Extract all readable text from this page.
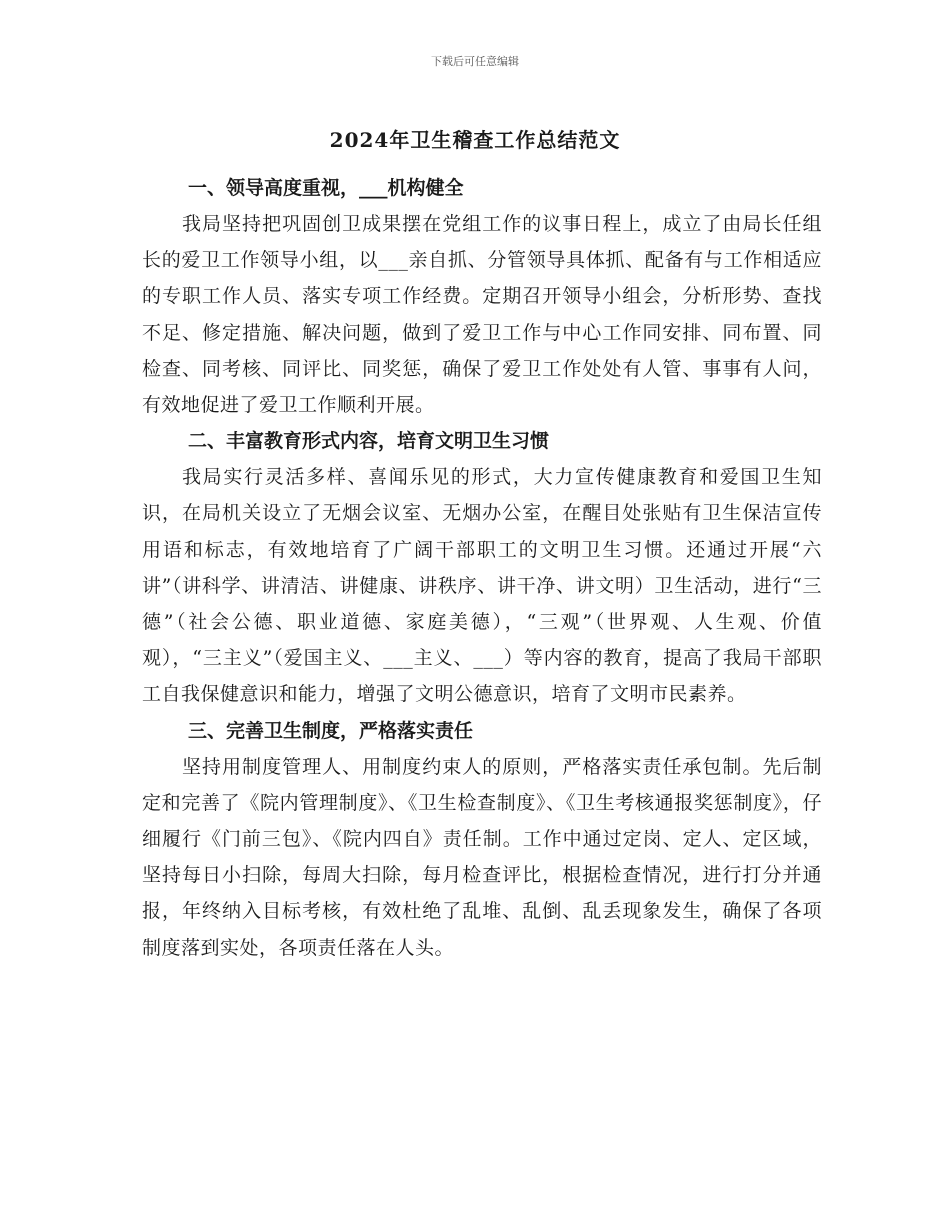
下载后可任意编辑
2024年卫生稽查工作总结范文
一、领导高度重视，___机构健全

我局坚持把巩固创卫成果摆在党组工作的议事日程上，成立了由局长任组长的爱卫工作领导小组，以___亲自抓、分管领导具体抓、配备有与工作相适应的专职工作人员、落实专项工作经费。定期召开领导小组会，分析形势、查找不足、修定措施、解决问题，做到了爱卫工作与中心工作同安排、同布置、同检查、同考核、同评比、同奖惩，确保了爱卫工作处处有人管、事事有人问，有效地促进了爱卫工作顺利开展。

二、丰富教育形式内容，培育文明卫生习惯

我局实行灵活多样、喜闻乐见的形式，大力宣传健康教育和爱国卫生知识，在局机关设立了无烟会议室、无烟办公室，在醒目处张贴有卫生保洁宣传用语和标志，有效地培育了广阔干部职工的文明卫生习惯。还通过开展“六讲”（讲科学、讲清洁、讲健康、讲秩序、讲干净、讲文明）卫生活动，进行“三德”（社会公德、职业道德、家庭美德），“三观”（世界观、人生观、价值观），“三主义”（爱国主义、___主义、___）等内容的教育，提高了我局干部职工自我保健意识和能力，增强了文明公德意识，培育了文明市民素养。

三、完善卫生制度，严格落实责任

坚持用制度管理人、用制度约束人的原则，严格落实责任承包制。先后制定和完善了《院内管理制度》、《卫生检查制度》、《卫生考核通报奖惩制度》，仔细履行《门前三包》、《院内四自》责任制。工作中通过定岗、定人、定区域，坚持每日小扫除，每周大扫除，每月检查评比，根据检查情况，进行打分并通报，年终纳入目标考核，有效杜绝了乱堆、乱倒、乱丢现象发生，确保了各项制度落到实处，各项责任落在人头。
